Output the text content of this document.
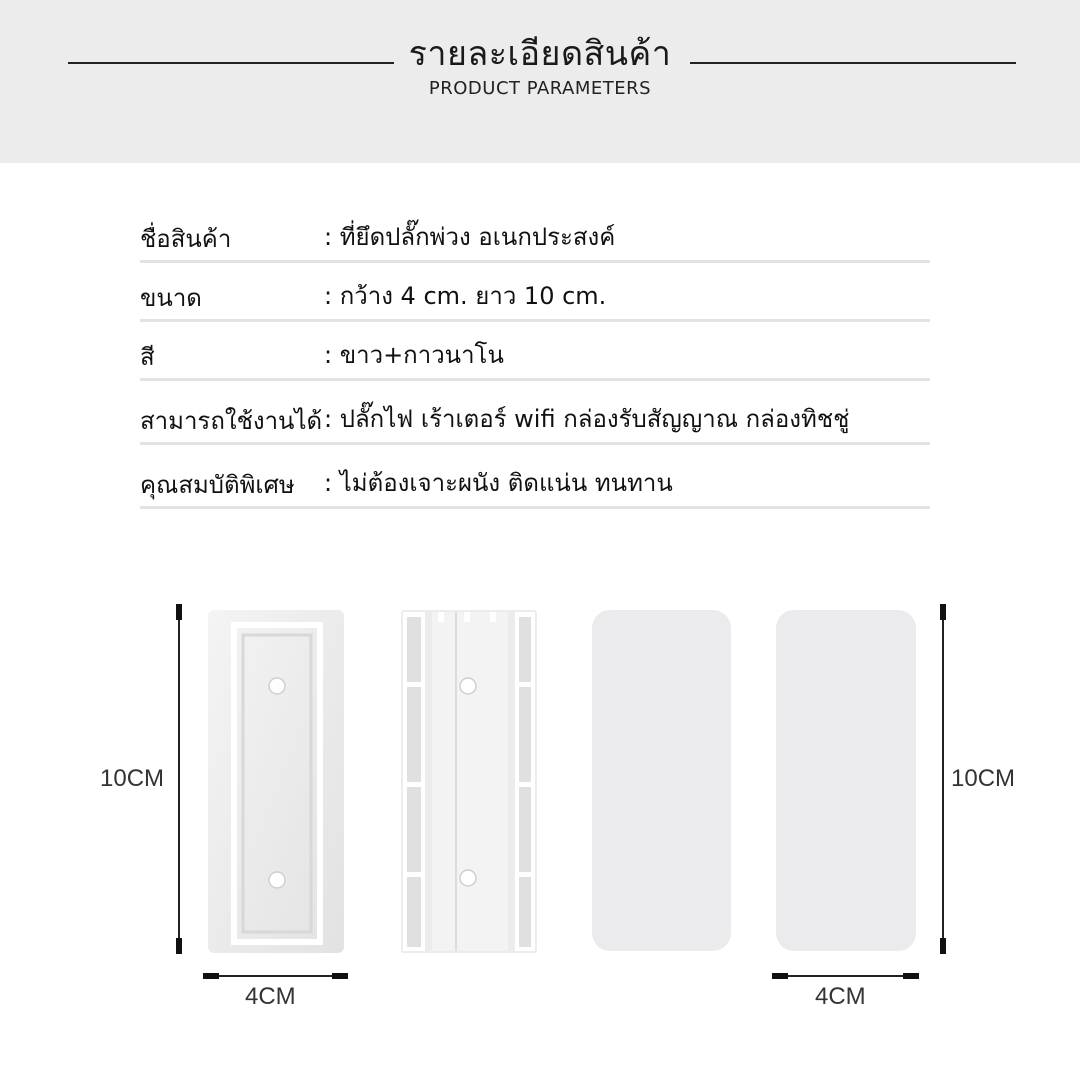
รายละเอียดสินค้า
PRODUCT PARAMETERS
ชื่อสินค้า	: ที่ยึดปลั๊กพ่วง อเนกประสงค์
ขนาด	: กว้าง 4 cm. ยาว 10 cm.
สี	: ขาว+กาวนาโน
สามารถใช้งานได้ : ปลั๊กไฟ เร้าเตอร์ wifi กล่องรับสัญญาณ กล่องทิชชู่
คุณสมบัติพิเศษ : ไม่ต้องเจาะผนัง ติดแน่น ทนทาน
10CM	10CM
4CM	4CM
